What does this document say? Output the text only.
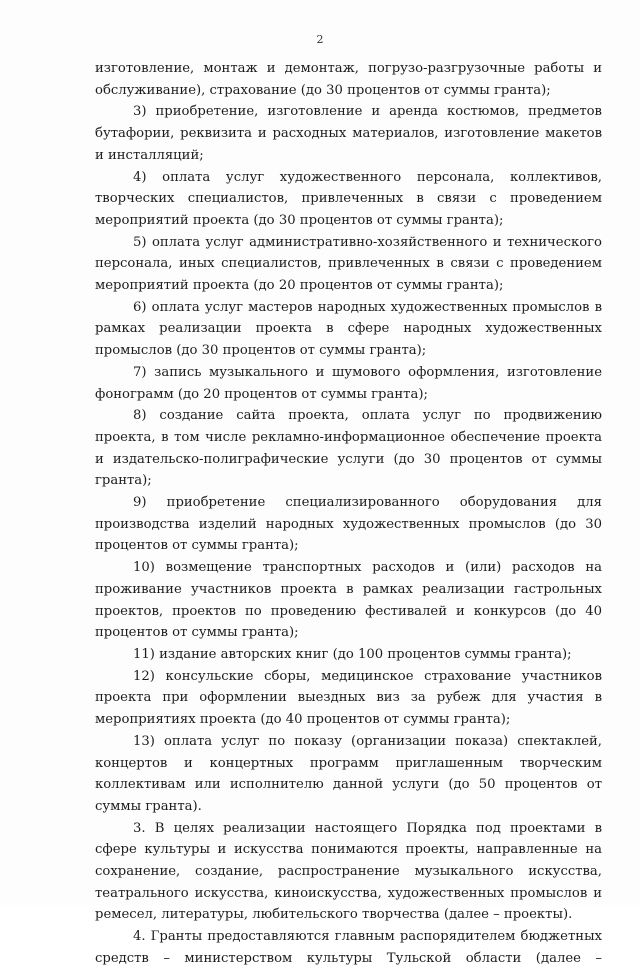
2

изготовление, монтаж и демонтаж, погрузо-разгрузочные работы и обслуживание), страхование (до 30 процентов от суммы гранта);

3) приобретение, изготовление и аренда костюмов, предметов бутафории, реквизита и расходных материалов, изготовление макетов и инсталляций;

4) оплата услуг художественного персонала, коллективов, творческих специалистов, привлеченных в связи с проведением мероприятий проекта (до 30 процентов от суммы гранта);

5) оплата услуг административно-хозяйственного и технического персонала, иных специалистов, привлеченных в связи с проведением мероприятий проекта (до 20 процентов от суммы гранта);

6) оплата услуг мастеров народных художественных промыслов в рамках реализации проекта в сфере народных художественных промыслов (до 30 процентов от суммы гранта);

7) запись музыкального и шумового оформления, изготовление фонограмм (до 20 процентов от суммы гранта);

8) создание сайта проекта, оплата услуг по продвижению проекта, в том числе рекламно-информационное обеспечение проекта и издательско-полиграфические услуги (до 30 процентов от суммы гранта);

9) приобретение специализированного оборудования для производства изделий народных художественных промыслов (до 30 процентов от суммы гранта);

10) возмещение транспортных расходов и (или) расходов на проживание участников проекта в рамках реализации гастрольных проектов, проектов по проведению фестивалей и конкурсов (до 40 процентов от суммы гранта);

11) издание авторских книг (до 100 процентов суммы гранта);

12) консульские сборы, медицинское страхование участников проекта при оформлении выездных виз за рубеж для участия в мероприятиях проекта (до 40 процентов от суммы гранта);

13) оплата услуг по показу (организации показа) спектаклей, концертов и концертных программ приглашенным творческим коллективам или исполнителю данной услуги (до 50 процентов от суммы гранта).

3. В целях реализации настоящего Порядка под проектами в сфере культуры и искусства понимаются проекты, направленные на сохранение, создание, распространение музыкального искусства, театрального искусства, киноискусства, художественных промыслов и ремесел, литературы, любительского творчества (далее – проекты).

4. Гранты предоставляются главным распорядителем бюджетных средств – министерством культуры Тульской области (далее –
